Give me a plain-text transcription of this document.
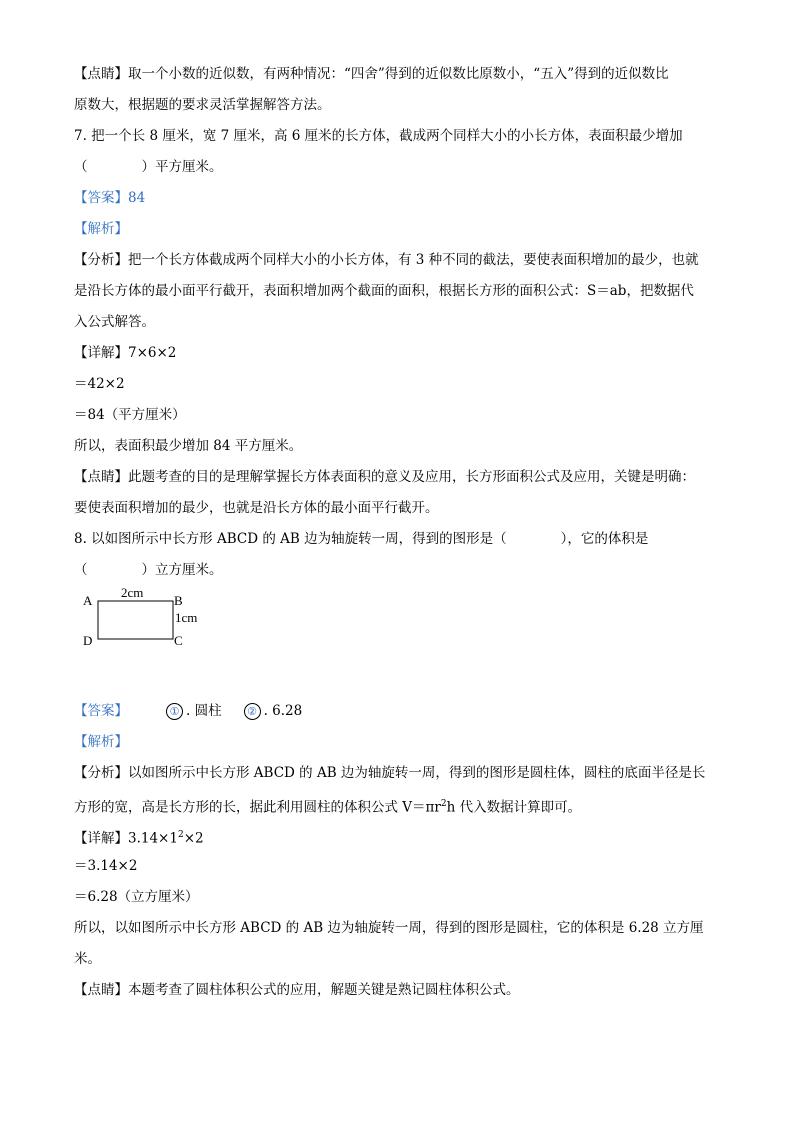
【点睛】取一个小数的近似数，有两种情况：“四舍”得到的近似数比原数小，“五入”得到的近似数比
原数大，根据题的要求灵活掌握解答方法。
7. 把一个长 8 厘米，宽 7 厘米，高 6 厘米的长方体，截成两个同样大小的小长方体，表面积最少增加
（　　　　）平方厘米。
【答案】84
【解析】
【分析】把一个长方体截成两个同样大小的小长方体，有 3 种不同的截法，要使表面积增加的最少，也就
是沿长方体的最小面平行截开，表面积增加两个截面的面积，根据长方形的面积公式：S＝ab，把数据代
入公式解答。
【详解】7×6×2
＝42×2
＝84（平方厘米）
所以，表面积最少增加 84 平方厘米。
【点睛】此题考查的目的是理解掌握长方体表面积的意义及应用，长方形面积公式及应用，关键是明确：
要使表面积增加的最少，也就是沿长方体的最小面平行截开。
8. 以如图所示中长方形 ABCD 的 AB 边为轴旋转一周，得到的图形是（　　　　），它的体积是
（　　　　）立方厘米。
A	B
C
D
2cm
1cm
【答案】	① . 圆柱 ② . 6.28
【解析】
【分析】以如图所示中长方形 ABCD 的 AB 边为轴旋转一周，得到的图形是圆柱体，圆柱的底面半径是长
方形的宽，高是长方形的长，据此利用圆柱的体积公式 $V=\pi r^2h$ 代入数据计算即可。
【详解】$3.14\times 1^2\times 2$
＝3.14×2
＝6.28（立方厘米）
所以，以如图所示中长方形 ABCD 的 AB 边为轴旋转一周，得到的图形是圆柱，它的体积是 6.28 立方厘
米。
【点睛】本题考查了圆柱体积公式的应用，解题关键是熟记圆柱体积公式。
